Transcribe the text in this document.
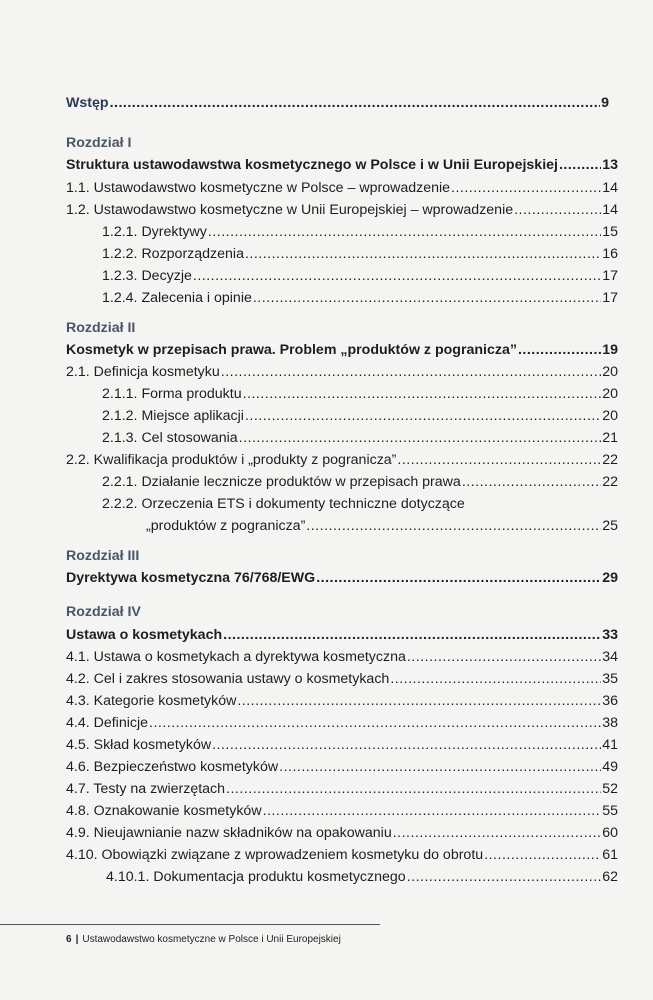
Wstęp .....	9
Rozdział I
Struktura ustawodawstwa kosmetycznego w Polsce i w Unii Europejskiej .....	13
1.1. Ustawodawstwo kosmetyczne w Polsce – wprowadzenie .....	14
1.2. Ustawodawstwo kosmetyczne w Unii Europejskiej – wprowadzenie .....	14
1.2.1. Dyrektywy .....	15
1.2.2. Rozporządzenia .....	16
1.2.3. Decyzje .....	17
1.2.4. Zalecenia i opinie .....	17
Rozdział II
Kosmetyk w przepisach prawa. Problem „produktów z pogranicza” .....	19
2.1. Definicja kosmetyku .....	20
2.1.1. Forma produktu .....	20
2.1.2. Miejsce aplikacji .....	20
2.1.3. Cel stosowania .....	21
2.2. Kwalifikacja produktów i „produkty z pogranicza” .....	22
2.2.1. Działanie lecznicze produktów w przepisach prawa .....	22
2.2.2. Orzeczenia ETS i dokumenty techniczne dotyczące
„produktów z pogranicza” .....	25
Rozdział III
Dyrektywa kosmetyczna 76/768/EWG .....	29
Rozdział IV
Ustawa o kosmetykach .....	33
4.1. Ustawa o kosmetykach a dyrektywa kosmetyczna .....	34
4.2. Cel i zakres stosowania ustawy o kosmetykach .....	35
4.3. Kategorie kosmetyków .....	36
4.4. Definicje .....	38
4.5. Skład kosmetyków .....	41
4.6. Bezpieczeństwo kosmetyków .....	49
4.7. Testy na zwierzętach .....	52
4.8. Oznakowanie kosmetyków .....	55
4.9. Nieujawnianie nazw składników na opakowaniu .....	60
4.10. Obowiązki związane z wprowadzeniem kosmetyku do obrotu .....	61
4.10.1. Dokumentacja produktu kosmetycznego .....	62
6 | Ustawodawstwo kosmetyczne w Polsce i Unii Europejskiej
